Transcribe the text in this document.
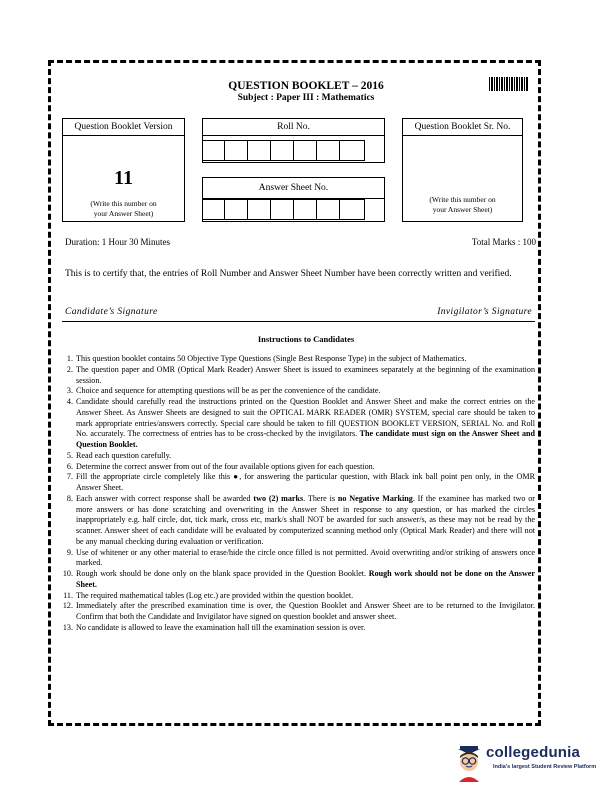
QUESTION BOOKLET – 2016
Subject : Paper III : Mathematics
Question Booklet Version
11
(Write this number on
your Answer Sheet)
Roll No.
Answer Sheet No.
Question Booklet Sr. No.
(Write this number on
your Answer Sheet)
Duration: 1 Hour 30 Minutes	Total Marks : 100
This is to certify that, the entries of Roll Number and Answer Sheet Number have been correctly written and verified.
Candidate’s Signature	Invigilator’s Signature
Instructions to Candidates
1. This question booklet contains 50 Objective Type Questions (Single Best Response Type) in the subject of Mathematics.
2. The question paper and OMR (Optical Mark Reader) Answer Sheet is issued to examinees separately at the beginning of the examination session.
3. Choice and sequence for attempting questions will be as per the convenience of the candidate.
4. Candidate should carefully read the instructions printed on the Question Booklet and Answer Sheet and make the correct entries on the Answer Sheet. As Answer Sheets are designed to suit the OPTICAL MARK READER (OMR) SYSTEM, special care should be taken to mark appropriate entries/answers correctly. Special care should be taken to fill QUESTION BOOKLET VERSION, SERIAL No. and Roll No. accurately. The correctness of entries has to be cross-checked by the invigilators. The candidate must sign on the Answer Sheet and Question Booklet.
5. Read each question carefully.
6. Determine the correct answer from out of the four available options given for each question.
7. Fill the appropriate circle completely like this ●, for answering the particular question, with Black ink ball point pen only, in the OMR Answer Sheet.
8. Each answer with correct response shall be awarded two (2) marks. There is no Negative Marking. If the examinee has marked two or more answers or has done scratching and overwriting in the Answer Sheet in response to any question, or has marked the circles inappropriately e.g. half circle, dot, tick mark, cross etc, mark/s shall NOT be awarded for such answer/s, as these may not be read by the scanner. Answer sheet of each candidate will be evaluated by computerized scanning method only (Optical Mark Reader) and there will not be any manual checking during evaluation or verification.
9. Use of whitener or any other material to erase/hide the circle once filled is not permitted. Avoid overwriting and/or striking of answers once marked.
10. Rough work should be done only on the blank space provided in the Question Booklet. Rough work should not be done on the Answer Sheet.
11. The required mathematical tables (Log etc.) are provided within the question booklet.
12. Immediately after the prescribed examination time is over, the Question Booklet and Answer Sheet are to be returned to the Invigilator. Confirm that both the Candidate and Invigilator have signed on question booklet and answer sheet.
13. No candidate is allowed to leave the examination hall till the examination session is over.
collegedunia
India's largest Student Review Platform
